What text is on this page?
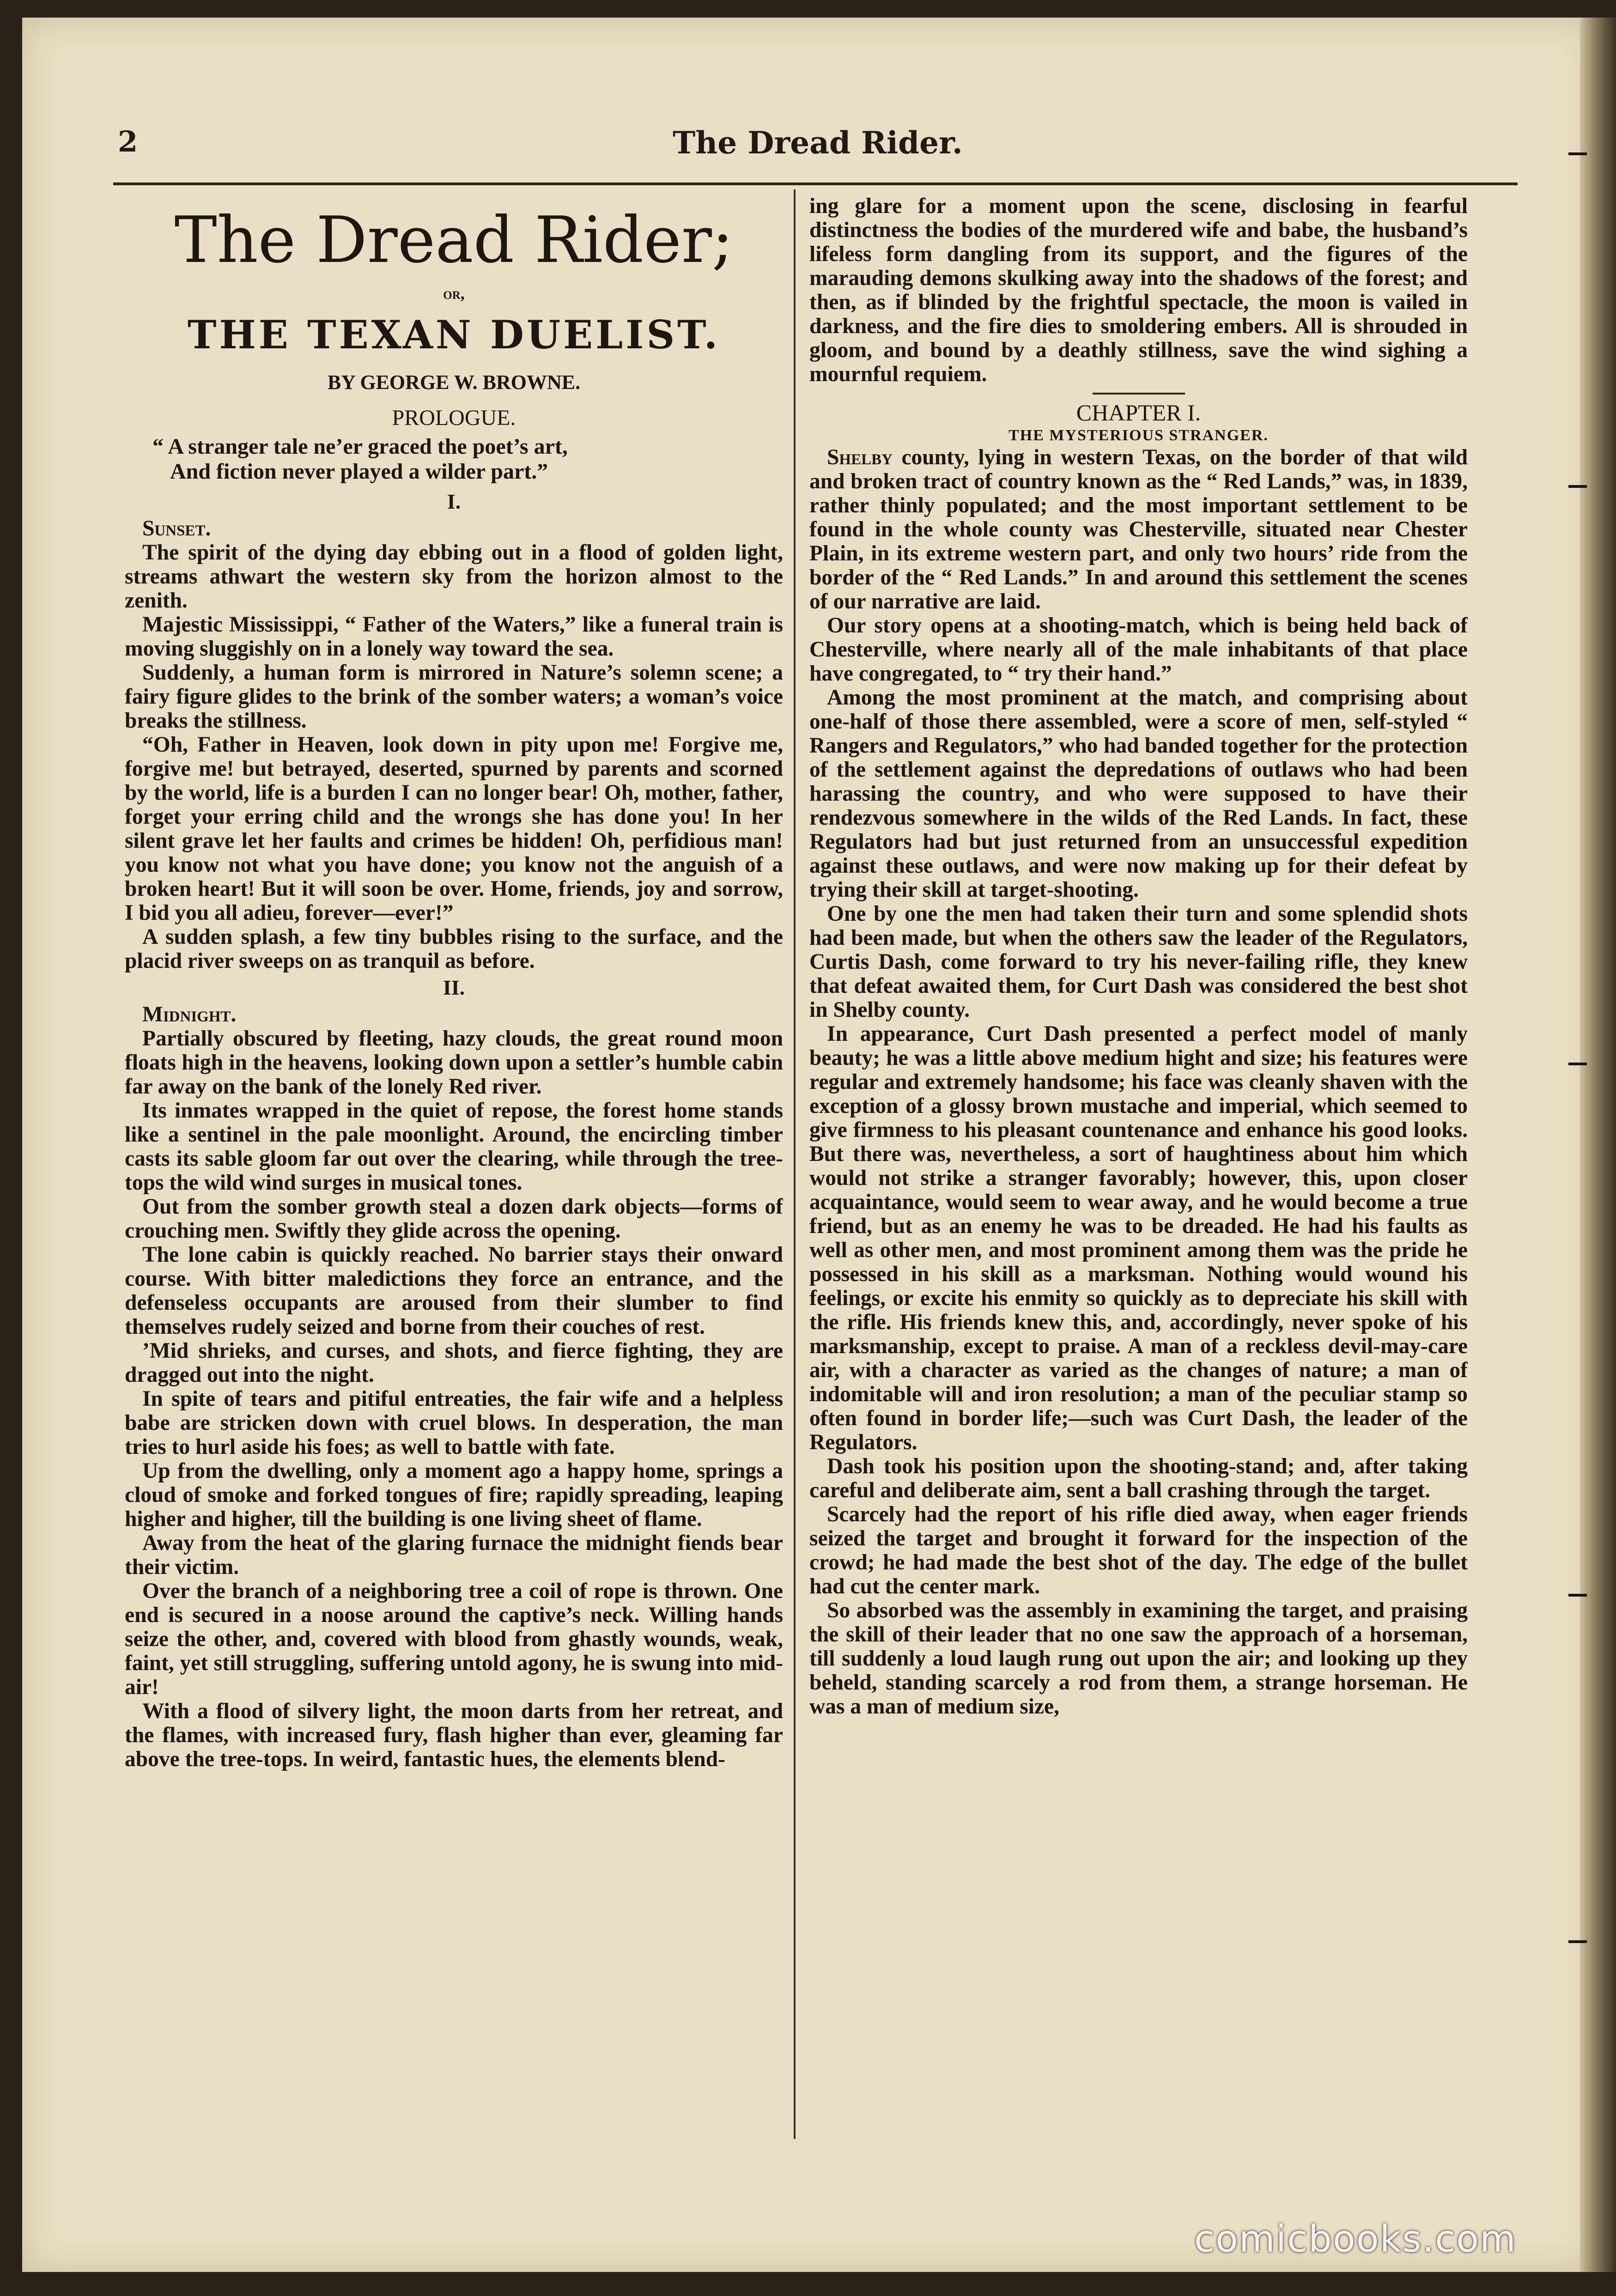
2	The Dread Rider.
The Dread Rider;
or,
THE TEXAN DUELIST.
BY GEORGE W. BROWNE.
PROLOGUE.
“ A stranger tale ne’er graced the poet’s art,
And fiction never played a wilder part.”
I.

Sunset.

The spirit of the dying day ebbing out in a flood of golden light, streams athwart the western sky from the horizon almost to the zenith.

Majestic Mississippi, “ Father of the Waters,” like a funeral train is moving sluggishly on in a lonely way toward the sea.

Suddenly, a human form is mirrored in Nature’s solemn scene; a fairy figure glides to the brink of the somber waters; a woman’s voice breaks the stillness.

“Oh, Father in Heaven, look down in pity upon me! Forgive me, forgive me! but betrayed, deserted, spurned by parents and scorned by the world, life is a burden I can no longer bear! Oh, mother, father, forget your erring child and the wrongs she has done you! In her silent grave let her faults and crimes be hidden! Oh, perfidious man! you know not what you have done; you know not the anguish of a broken heart! But it will soon be over. Home, friends, joy and sorrow, I bid you all adieu, forever—ever!”

A sudden splash, a few tiny bubbles rising to the surface, and the placid river sweeps on as tranquil as before.

II.

Midnight.

Partially obscured by fleeting, hazy clouds, the great round moon floats high in the heavens, looking down upon a settler’s humble cabin far away on the bank of the lonely Red river.

Its inmates wrapped in the quiet of repose, the forest home stands like a sentinel in the pale moonlight. Around, the encircling timber casts its sable gloom far out over the clearing, while through the tree-tops the wild wind surges in musical tones.

Out from the somber growth steal a dozen dark objects—forms of crouching men. Swiftly they glide across the opening.

The lone cabin is quickly reached. No barrier stays their onward course. With bitter maledictions they force an entrance, and the defenseless occupants are aroused from their slumber to find themselves rudely seized and borne from their couches of rest.

’Mid shrieks, and curses, and shots, and fierce fighting, they are dragged out into the night.

In spite of tears and pitiful entreaties, the fair wife and a helpless babe are stricken down with cruel blows. In desperation, the man tries to hurl aside his foes; as well to battle with fate.

Up from the dwelling, only a moment ago a happy home, springs a cloud of smoke and forked tongues of fire; rapidly spreading, leaping higher and higher, till the building is one living sheet of flame.

Away from the heat of the glaring furnace the midnight fiends bear their victim.

Over the branch of a neighboring tree a coil of rope is thrown. One end is secured in a noose around the captive’s neck. Willing hands seize the other, and, covered with blood from ghastly wounds, weak, faint, yet still struggling, suffering untold agony, he is swung into mid-air!

With a flood of silvery light, the moon darts from her retreat, and the flames, with increased fury, flash higher than ever, gleaming far above the tree-tops. In weird, fantastic hues, the elements blend-

ing glare for a moment upon the scene, disclosing in fearful distinctness the bodies of the murdered wife and babe, the husband’s lifeless form dangling from its support, and the figures of the marauding demons skulking away into the shadows of the forest; and then, as if blinded by the frightful spectacle, the moon is vailed in darkness, and the fire dies to smoldering embers. All is shrouded in gloom, and bound by a deathly stillness, save the wind sighing a mournful requiem.

CHAPTER I.
THE MYSTERIOUS STRANGER.

Shelby county, lying in western Texas, on the border of that wild and broken tract of country known as the “ Red Lands,” was, in 1839, rather thinly populated; and the most important settlement to be found in the whole county was Chesterville, situated near Chester Plain, in its extreme western part, and only two hours’ ride from the border of the “ Red Lands.” In and around this settlement the scenes of our narrative are laid.

Our story opens at a shooting-match, which is being held back of Chesterville, where nearly all of the male inhabitants of that place have congregated, to “ try their hand.”

Among the most prominent at the match, and comprising about one-half of those there assembled, were a score of men, self-styled “ Rangers and Regulators,” who had banded together for the protection of the settlement against the depredations of outlaws who had been harassing the country, and who were supposed to have their rendezvous somewhere in the wilds of the Red Lands. In fact, these Regulators had but just returned from an unsuccessful expedition against these outlaws, and were now making up for their defeat by trying their skill at target-shooting.

One by one the men had taken their turn and some splendid shots had been made, but when the others saw the leader of the Regulators, Curtis Dash, come forward to try his never-failing rifle, they knew that defeat awaited them, for Curt Dash was considered the best shot in Shelby county.

In appearance, Curt Dash presented a perfect model of manly beauty; he was a little above medium hight and size; his features were regular and extremely handsome; his face was cleanly shaven with the exception of a glossy brown mustache and imperial, which seemed to give firmness to his pleasant countenance and enhance his good looks. But there was, nevertheless, a sort of haughtiness about him which would not strike a stranger favorably; however, this, upon closer acquaintance, would seem to wear away, and he would become a true friend, but as an enemy he was to be dreaded. He had his faults as well as other men, and most prominent among them was the pride he possessed in his skill as a marksman. Nothing would wound his feelings, or excite his enmity so quickly as to depreciate his skill with the rifle. His friends knew this, and, accordingly, never spoke of his marksmanship, except to praise. A man of a reckless devil-may-care air, with a character as varied as the changes of nature; a man of indomitable will and iron resolution; a man of the peculiar stamp so often found in border life;—such was Curt Dash, the leader of the Regulators.

Dash took his position upon the shooting-stand; and, after taking careful and deliberate aim, sent a ball crashing through the target.

Scarcely had the report of his rifle died away, when eager friends seized the target and brought it forward for the inspection of the crowd; he had made the best shot of the day. The edge of the bullet had cut the center mark.

So absorbed was the assembly in examining the target, and praising the skill of their leader that no one saw the approach of a horseman, till suddenly a loud laugh rung out upon the air; and looking up they beheld, standing scarcely a rod from them, a strange horseman. He was a man of medium size,

comicbooks.com
